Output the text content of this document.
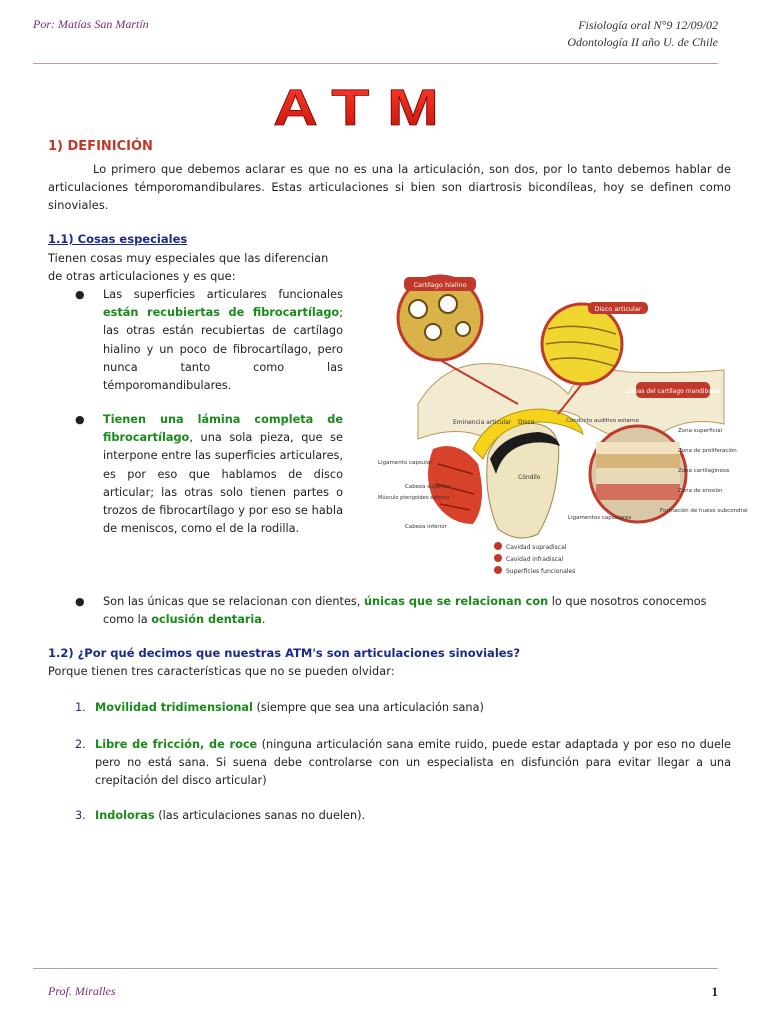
Por: Matías San Martín	Fisiología oral N°9 12/09/02
Odontología II año U. de Chile
ATM
1) DEFINICIÓN
Lo primero que debemos aclarar es que no es una la articulación, son dos, por lo tanto debemos hablar de articulaciones témporomandibulares. Estas articulaciones si bien son diartrosis bicondíleas, hoy se definen como sinoviales.
1.1) Cosas especiales
Tienen cosas muy especiales que las diferencian
de otras articulaciones y es que:
● Las superficies articulares funcionales están recubiertas de fibrocartílago; las otras están recubiertas de cartílago hialino y un poco de fibrocartílago, pero nunca tanto como las témporomandibulares.
● Tienen una lámina completa de fibrocartílago, una sola pieza, que se interpone entre las superficies articulares, es por eso que hablamos de disco articular; las otras solo tienen partes o trozos de fibrocartílago y por eso se habla de meniscos, como el de la rodilla.
● Son las únicas que se relacionan con dientes, únicas que se relacionan con lo que nosotros conocemos como la oclusión dentaria.
Cartílago hialino
Disco articular
Capas del cartílago mandibular
Eminencia articular Disco	Conducto auditivo externo
Zona superficial
Zona de proliferación
Zona cartilaginosa
Zona de erosión
Formación de hueso subcondral
Ligamento capsular
Cóndilo
Músculo pterigoideo externo
Cabeza superior
Cabeza inferior
Ligamentos capsulares
Cavidad supradiscal
Cavidad infradiscal
Superficies funcionales
1.2) ¿Por qué decimos que nuestras ATM's son articulaciones sinoviales?
Porque tienen tres características que no se pueden olvidar:
1. Movilidad tridimensional (siempre que sea una articulación sana)
2. Libre de fricción, de roce (ninguna articulación sana emite ruido, puede estar adaptada y por eso no duele pero no está sana. Si suena debe controlarse con un especialista en disfunción para evitar llegar a una crepitación del disco articular)
3. Indoloras (las articulaciones sanas no duelen).
Prof. Miralles	1
